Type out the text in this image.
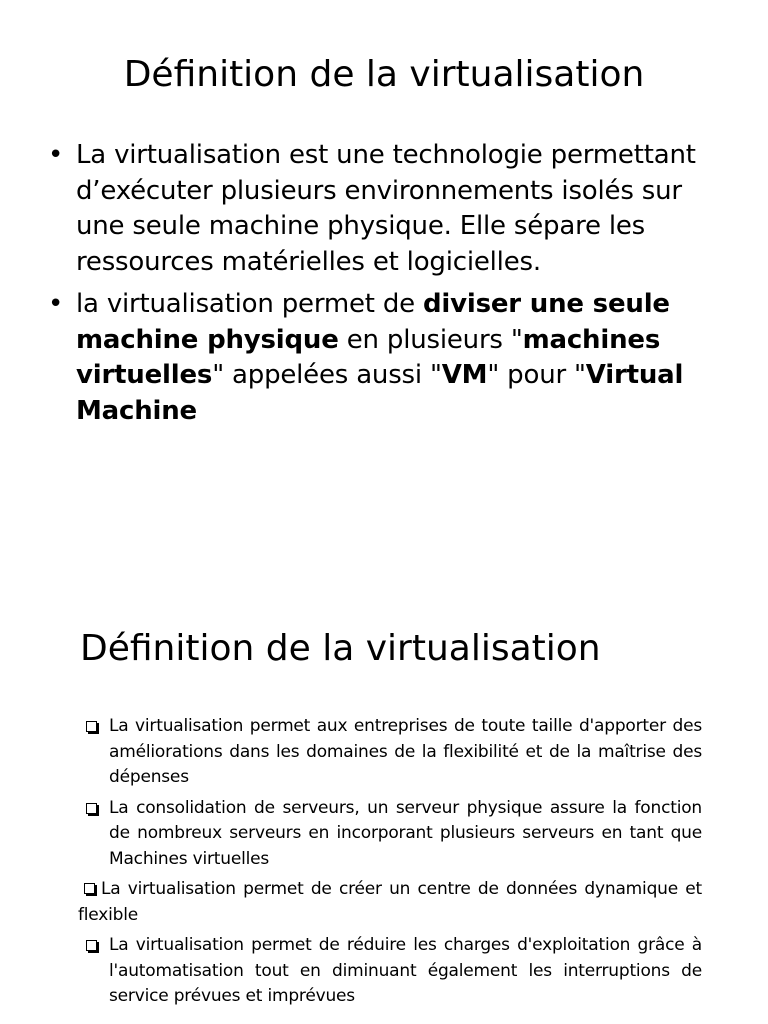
Définition de la virtualisation
• La virtualisation est une technologie permettant d’exécuter plusieurs environnements isolés sur une seule machine physique. Elle sépare les ressources matérielles et logicielles.
• la virtualisation permet de diviser une seule machine physique en plusieurs "machines virtuelles" appelées aussi "VM" pour "Virtual Machine
Définition de la virtualisation
La virtualisation permet aux entreprises de toute taille d'apporter des améliorations dans les domaines de la flexibilité et de la maîtrise des dépenses
La consolidation de serveurs, un serveur physique assure la fonction de nombreux serveurs en incorporant plusieurs serveurs en tant que Machines virtuelles
La virtualisation permet de créer un centre de données dynamique et flexible
La virtualisation permet de réduire les charges d'exploitation grâce à l'automatisation tout en diminuant également les interruptions de service prévues et imprévues
